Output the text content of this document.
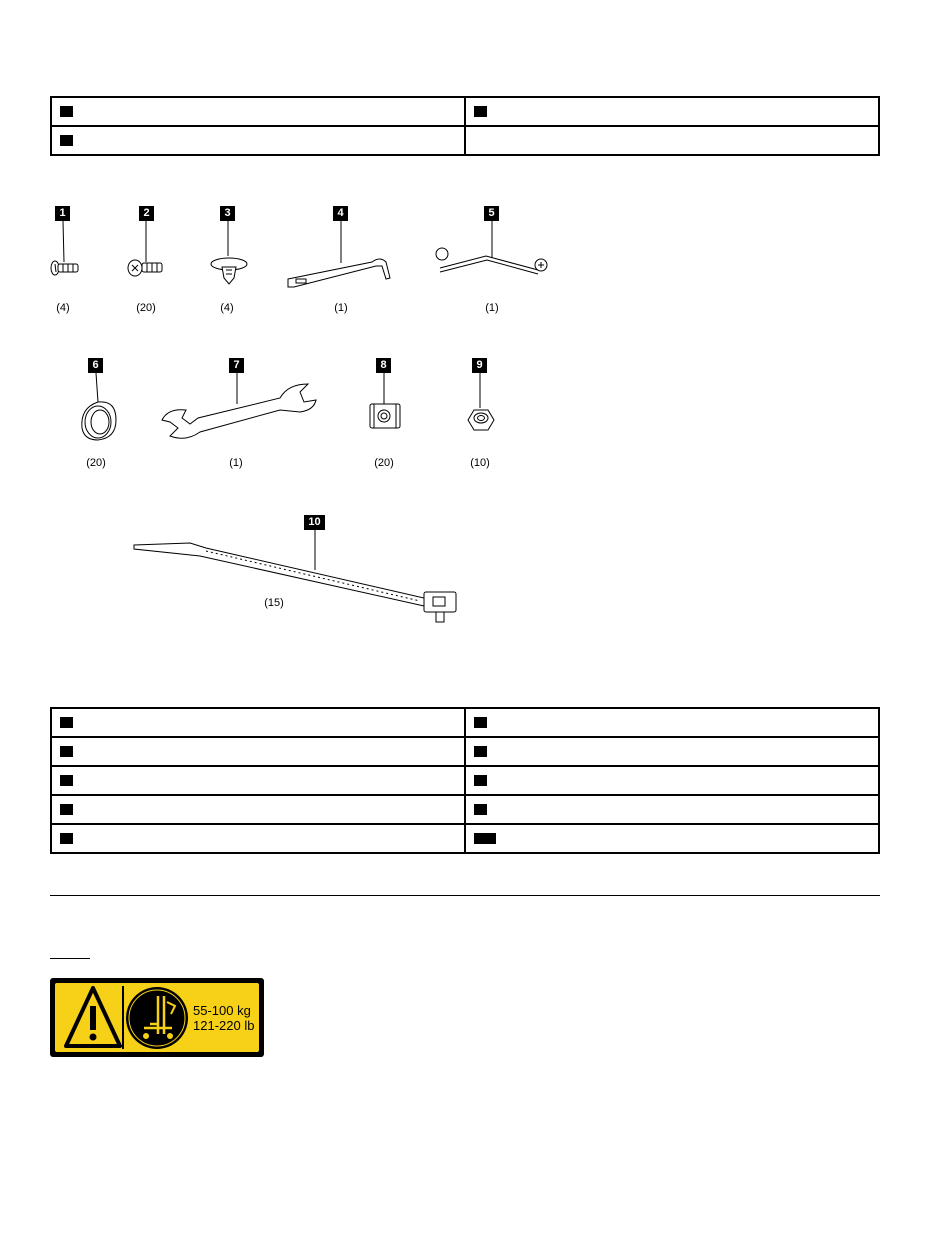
1	2	3	4	5
6	7	8	9
10
(4)	(20)	(4)	(1)	(1)
(20)	(1)	(20)	(10)
(15)

55-100 kg
121-220 lb
